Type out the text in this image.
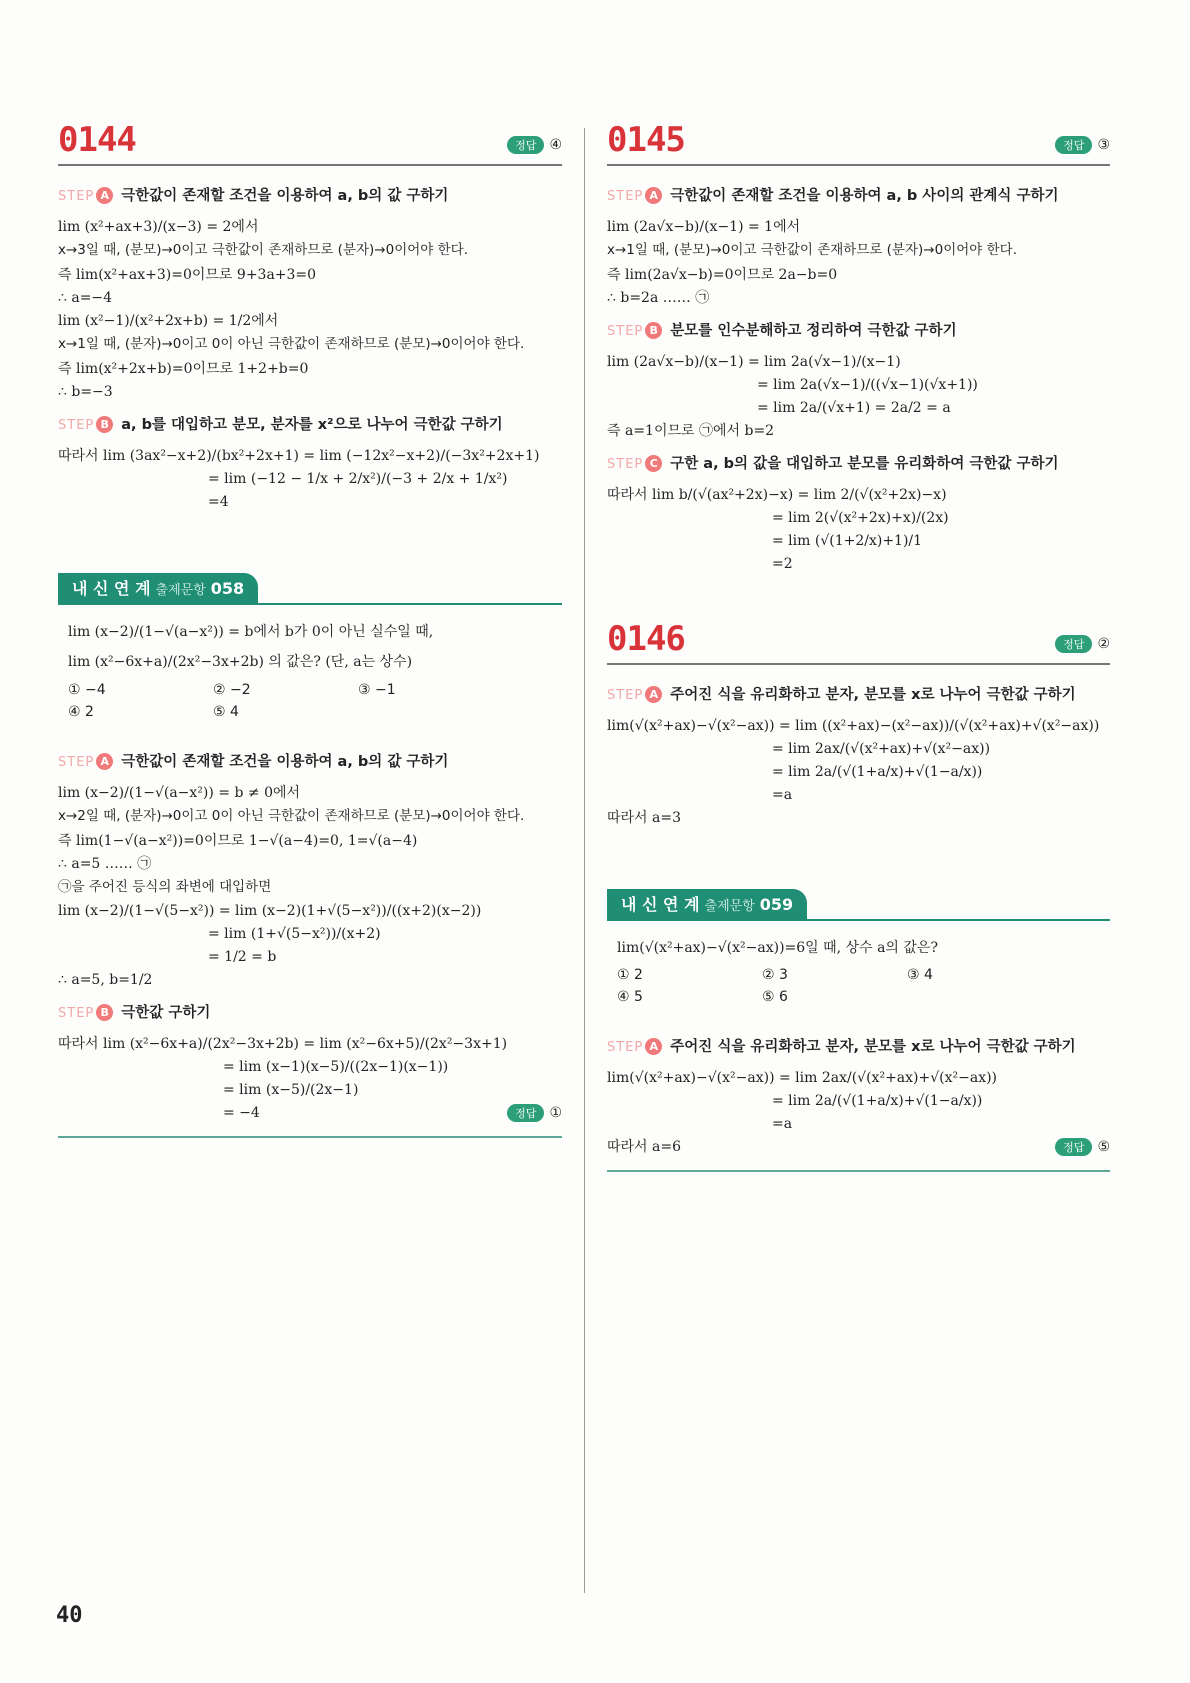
0144	정답 ④
STEP A 극한값이 존재할 조건을 이용하여 a, b의 값 구하기
lim (x²+ax+3)/(x−3) = 2에서
x→3일 때, (분모)→0이고 극한값이 존재하므로 (분자)→0이어야 한다.
즉 lim(x²+ax+3)=0이므로 9+3a+3=0
∴ a=−4
lim (x²−1)/(x²+2x+b) = 1/2에서
x→1일 때, (분자)→0이고 0이 아닌 극한값이 존재하므로 (분모)→0이어야 한다.
즉 lim(x²+2x+b)=0이므로 1+2+b=0
∴ b=−3
STEP B a, b를 대입하고 분모, 분자를 x²으로 나누어 극한값 구하기
따라서 lim (3ax²−x+2)/(bx²+2x+1) = lim (−12x²−x+2)/(−3x²+2x+1)
= lim (−12 − 1/x + 2/x²)/(−3 + 2/x + 1/x²)
=4
내 신 연 계 출제문항 058
lim (x−2)/(1−√(a−x²)) = b에서 b가 0이 아닌 실수일 때,
lim (x²−6x+a)/(2x²−3x+2b) 의 값은? (단, a는 상수)
① −4	② −2	③ −1
④ 2	⑤ 4
STEP A 극한값이 존재할 조건을 이용하여 a, b의 값 구하기
lim (x−2)/(1−√(a−x²)) = b ≠ 0에서
x→2일 때, (분자)→0이고 0이 아닌 극한값이 존재하므로 (분모)→0이어야 한다.
즉 lim(1−√(a−x²))=0이므로 1−√(a−4)=0, 1=√(a−4)
∴ a=5 …… ㉠
㉠을 주어진 등식의 좌변에 대입하면
lim (x−2)/(1−√(5−x²)) = lim (x−2)(1+√(5−x²))/((x+2)(x−2))
= lim (1+√(5−x²))/(x+2)
= 1/2 = b
∴ a=5, b=1/2
STEP B 극한값 구하기
따라서 lim (x²−6x+a)/(2x²−3x+2b) = lim (x²−6x+5)/(2x²−3x+1)
= lim (x−1)(x−5)/((2x−1)(x−1))
= lim (x−5)/(2x−1)
= −4	정답 ①
0145	정답 ③
STEP A 극한값이 존재할 조건을 이용하여 a, b 사이의 관계식 구하기
lim (2a√x−b)/(x−1) = 1에서
x→1일 때, (분모)→0이고 극한값이 존재하므로 (분자)→0이어야 한다.
즉 lim(2a√x−b)=0이므로 2a−b=0
∴ b=2a …… ㉠
STEP B 분모를 인수분해하고 정리하여 극한값 구하기
lim (2a√x−b)/(x−1) = lim 2a(√x−1)/(x−1)
= lim 2a(√x−1)/((√x−1)(√x+1))
= lim 2a/(√x+1) = 2a/2 = a
즉 a=1이므로 ㉠에서 b=2
STEP C 구한 a, b의 값을 대입하고 분모를 유리화하여 극한값 구하기
따라서 lim b/(√(ax²+2x)−x) = lim 2/(√(x²+2x)−x)
= lim 2(√(x²+2x)+x)/(2x)
= lim (√(1+2/x)+1)/1
=2
0146	정답 ②
STEP A 주어진 식을 유리화하고 분자, 분모를 x로 나누어 극한값 구하기
lim(√(x²+ax)−√(x²−ax)) = lim ((x²+ax)−(x²−ax))/(√(x²+ax)+√(x²−ax))
= lim 2ax/(√(x²+ax)+√(x²−ax))
= lim 2a/(√(1+a/x)+√(1−a/x))
=a
따라서 a=3
내 신 연 계 출제문항 059
lim(√(x²+ax)−√(x²−ax))=6일 때, 상수 a의 값은?
① 2	② 3	③ 4
④ 5	⑤ 6
STEP A 주어진 식을 유리화하고 분자, 분모를 x로 나누어 극한값 구하기
lim(√(x²+ax)−√(x²−ax)) = lim 2ax/(√(x²+ax)+√(x²−ax))
= lim 2a/(√(1+a/x)+√(1−a/x))
=a
따라서 a=6	정답 ⑤
40
